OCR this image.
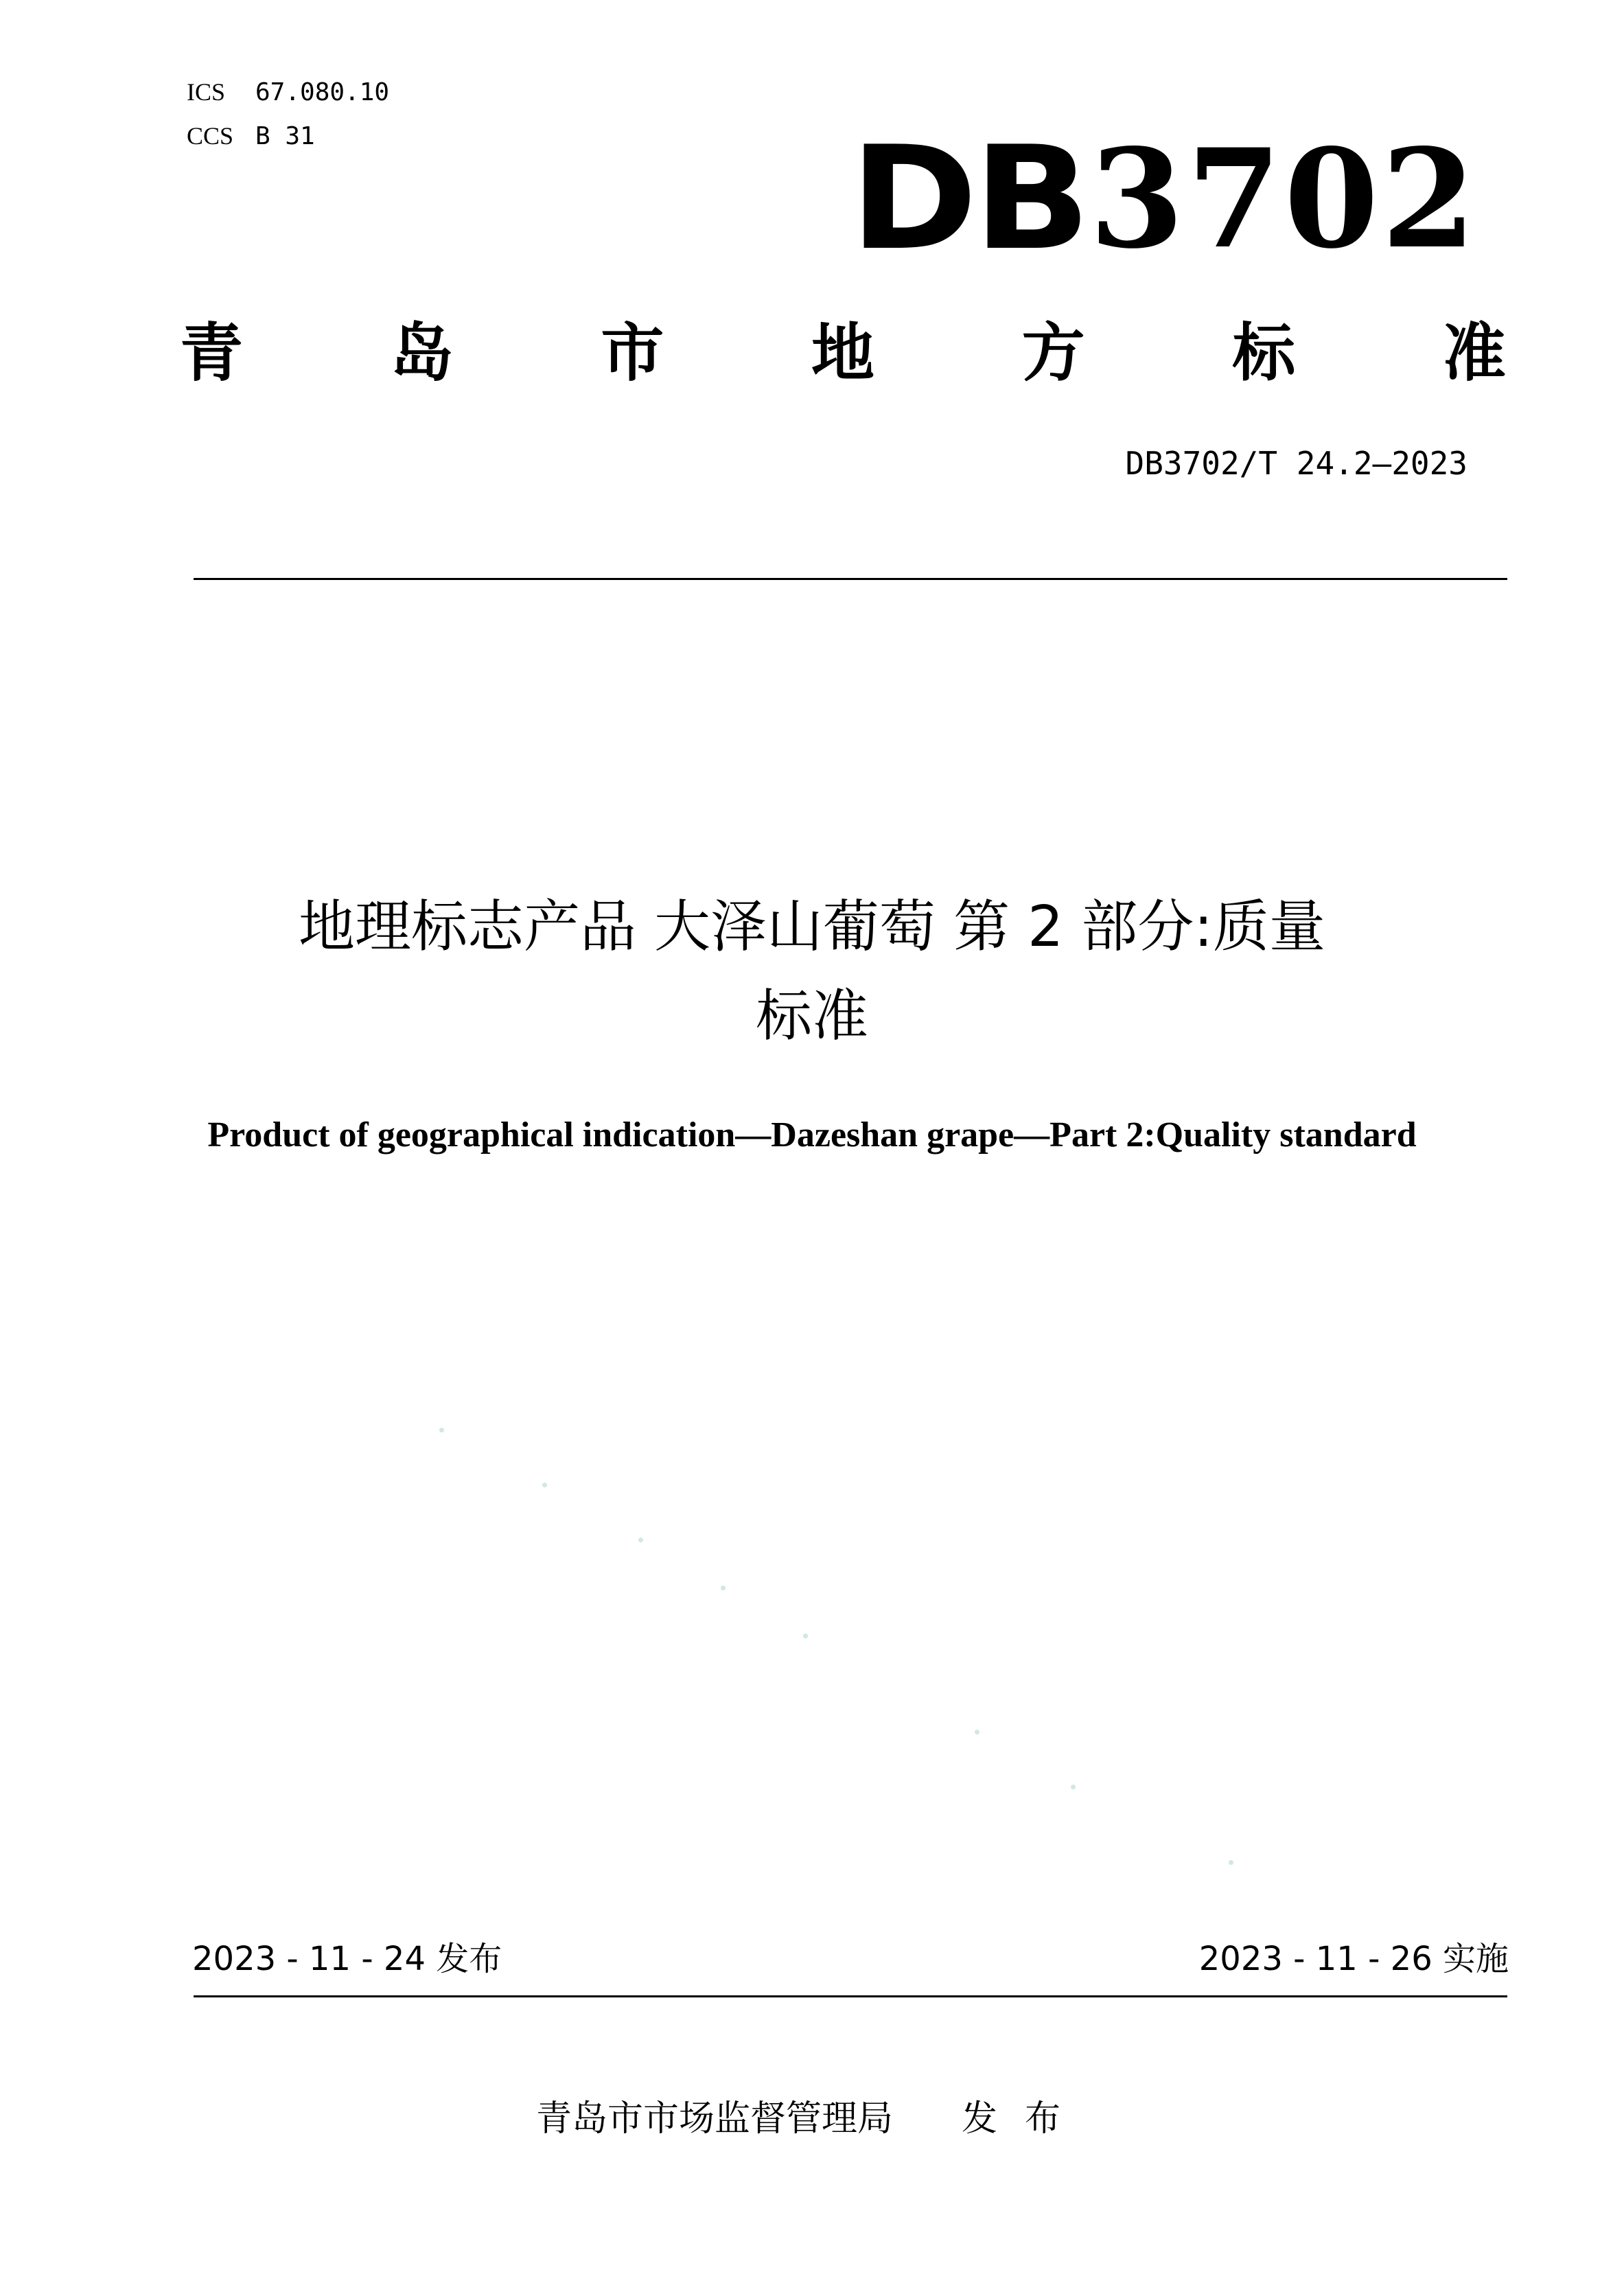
ICS 67.080.10
CCS B 31	DB 3702
青 岛 市 地 方 标 准
DB3702/T 24.2—2023
地理标志产品 大泽山葡萄 第 2 部分:质量
标准
Product of geographical indication—Dazeshan grape—Part 2:Quality standard
2023 - 11 - 24 发布	2023 - 11 - 26 实施
青岛市市场监督管理局 发布
